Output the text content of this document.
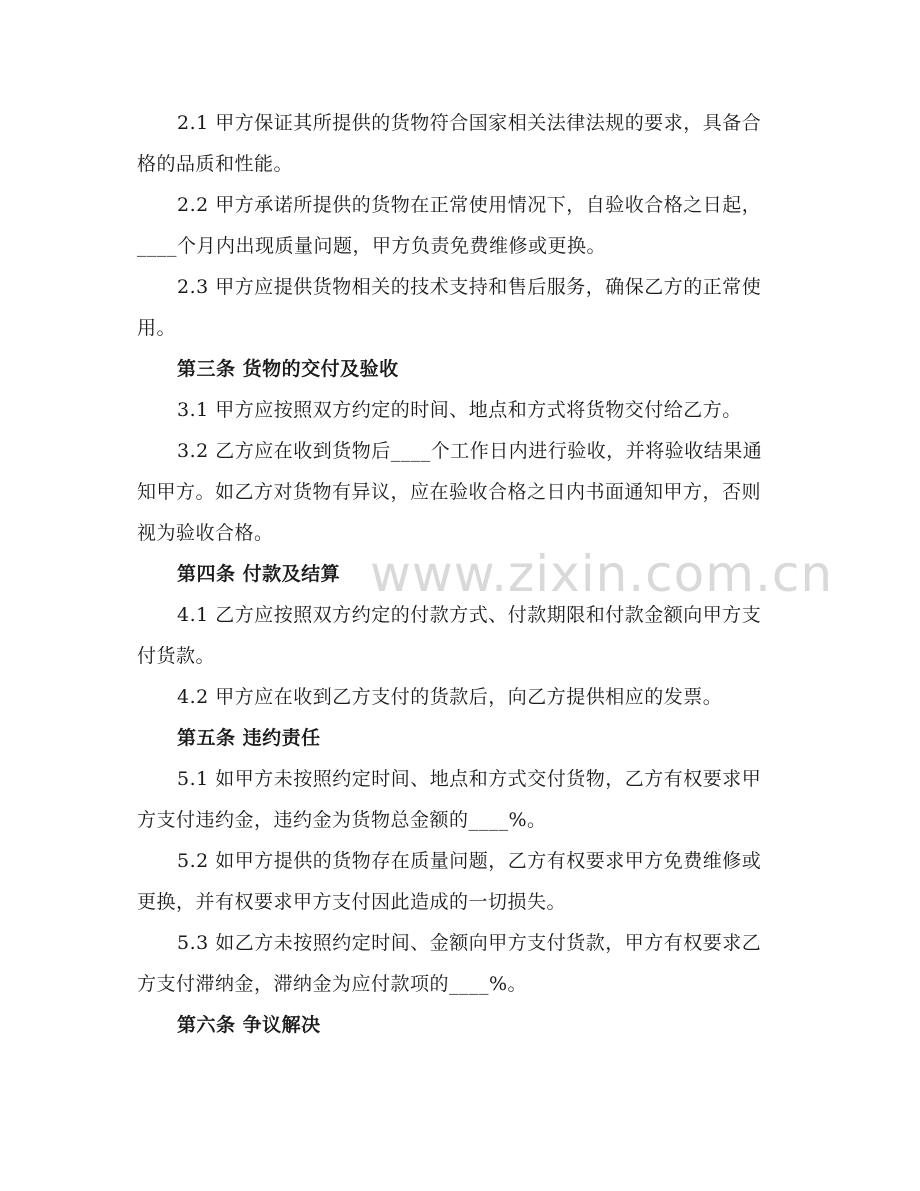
2.1 甲方保证其所提供的货物符合国家相关法律法规的要求，具备合格的品质和性能。

2.2 甲方承诺所提供的货物在正常使用情况下，自验收合格之日起，____个月内出现质量问题，甲方负责免费维修或更换。

2.3 甲方应提供货物相关的技术支持和售后服务，确保乙方的正常使用。

第三条 货物的交付及验收

3.1 甲方应按照双方约定的时间、地点和方式将货物交付给乙方。

3.2 乙方应在收到货物后____个工作日内进行验收，并将验收结果通知甲方。如乙方对货物有异议，应在验收合格之日内书面通知甲方，否则视为验收合格。

第四条 付款及结算

4.1 乙方应按照双方约定的付款方式、付款期限和付款金额向甲方支付货款。

4.2 甲方应在收到乙方支付的货款后，向乙方提供相应的发票。

第五条 违约责任

5.1 如甲方未按照约定时间、地点和方式交付货物，乙方有权要求甲方支付违约金，违约金为货物总金额的____%。

5.2 如甲方提供的货物存在质量问题，乙方有权要求甲方免费维修或更换，并有权要求甲方支付因此造成的一切损失。

5.3 如乙方未按照约定时间、金额向甲方支付货款，甲方有权要求乙方支付滞纳金，滞纳金为应付款项的____%。

第六条 争议解决

www.zixin.com.cn
